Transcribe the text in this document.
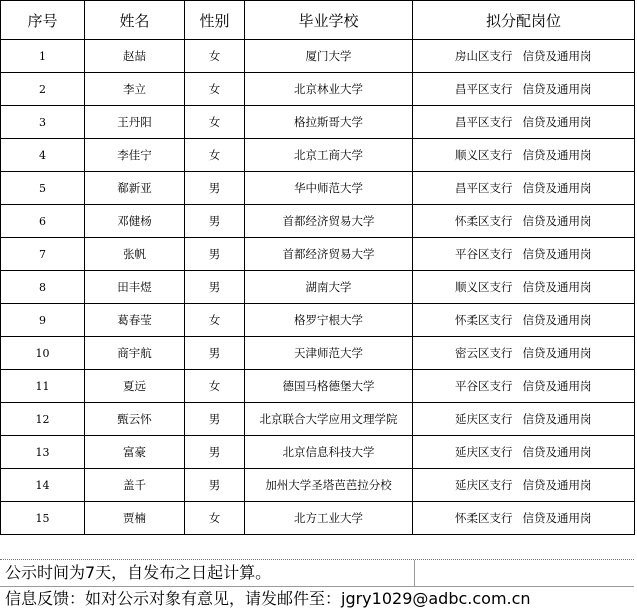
序号	姓名	性别	毕业学校	拟分配岗位
1	赵喆	女	厦门大学	房山区支行 信贷及通用岗
2	李立	女	北京林业大学	昌平区支行 信贷及通用岗
3	王丹阳	女	格拉斯哥大学	昌平区支行 信贷及通用岗
4	李佳宁	女	北京工商大学	顺义区支行 信贷及通用岗
5	郗新亚	男	华中师范大学	昌平区支行 信贷及通用岗
6	邓健杨	男	首都经济贸易大学	怀柔区支行 信贷及通用岗
7	张帆	男	首都经济贸易大学	平谷区支行 信贷及通用岗
8	田丰煜	男	湖南大学	顺义区支行 信贷及通用岗
9	葛春莹	女	格罗宁根大学	怀柔区支行 信贷及通用岗
10	商宇航	男	天津师范大学	密云区支行 信贷及通用岗
11	夏远	女	德国马格德堡大学	平谷区支行 信贷及通用岗
12	甄云怀	男	北京联合大学应用文理学院	延庆区支行 信贷及通用岗
13	富豪	男	北京信息科技大学	延庆区支行 信贷及通用岗
14	盖千	男	加州大学圣塔芭芭拉分校	延庆区支行 信贷及通用岗
15	贾楠	女	北方工业大学	怀柔区支行 信贷及通用岗
公示时间为7天，自发布之日起计算。
信息反馈：如对公示对象有意见，请发邮件至：jgry1029@adbc.com.cn
